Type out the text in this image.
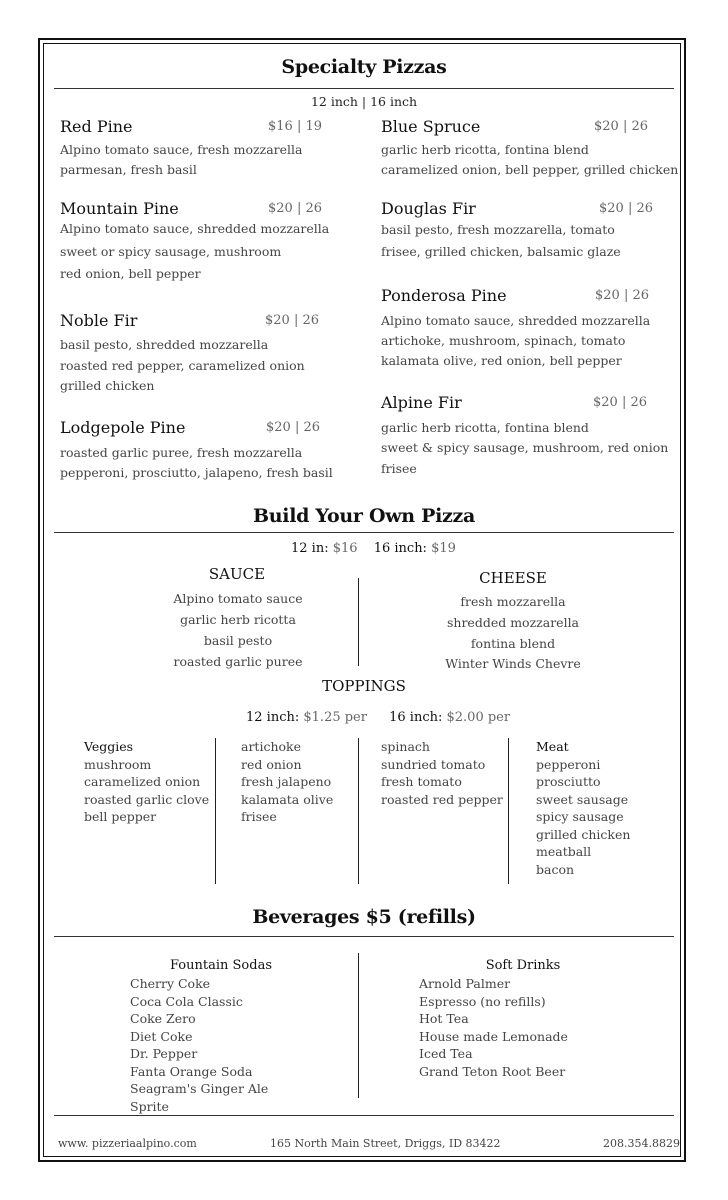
Specialty Pizzas
12 inch | 16 inch
Red Pine	$16 | 19
Alpino tomato sauce, fresh mozzarella
parmesan, fresh basil
Mountain Pine	$20 | 26
Alpino tomato sauce, shredded mozzarella
sweet or spicy sausage, mushroom
red onion, bell pepper
Noble Fir	$20 | 26
basil pesto, shredded mozzarella
roasted red pepper, caramelized onion
grilled chicken
Lodgepole Pine	$20 | 26
roasted garlic puree, fresh mozzarella
pepperoni, prosciutto, jalapeno, fresh basil
Blue Spruce	$20 | 26
garlic herb ricotta, fontina blend
caramelized onion, bell pepper, grilled chicken
Douglas Fir	$20 | 26
basil pesto, fresh mozzarella, tomato
frisee, grilled chicken, balsamic glaze
Ponderosa Pine	$20 | 26
Alpino tomato sauce, shredded mozzarella
artichoke, mushroom, spinach, tomato
kalamata olive, red onion, bell pepper
Alpine Fir	$20 | 26
garlic herb ricotta, fontina blend
sweet & spicy sausage, mushroom, red onion
frisee
Build Your Own Pizza
12 in: $16 16 inch: $19
SAUCE
Alpino tomato sauce
garlic herb ricotta
basil pesto
roasted garlic puree
CHEESE
fresh mozzarella
shredded mozzarella
fontina blend
Winter Winds Chevre
TOPPINGS
12 inch: $1.25 per 16 inch: $2.00 per
Veggies
mushroom
caramelized onion
roasted garlic clove
bell pepper
artichoke
red onion
fresh jalapeno
kalamata olive
frisee
spinach
sundried tomato
fresh tomato
roasted red pepper
Meat
pepperoni
prosciutto
sweet sausage
spicy sausage
grilled chicken
meatball
bacon
Beverages $5 (refills)
Fountain Sodas
Cherry Coke
Coca Cola Classic
Coke Zero
Diet Coke
Dr. Pepper
Fanta Orange Soda
Seagram's Ginger Ale
Sprite
Soft Drinks
Arnold Palmer
Espresso (no refills)
Hot Tea
House made Lemonade
Iced Tea
Grand Teton Root Beer
www. pizzeriaalpino.com	165 North Main Street, Driggs, ID 83422	208.354.8829
